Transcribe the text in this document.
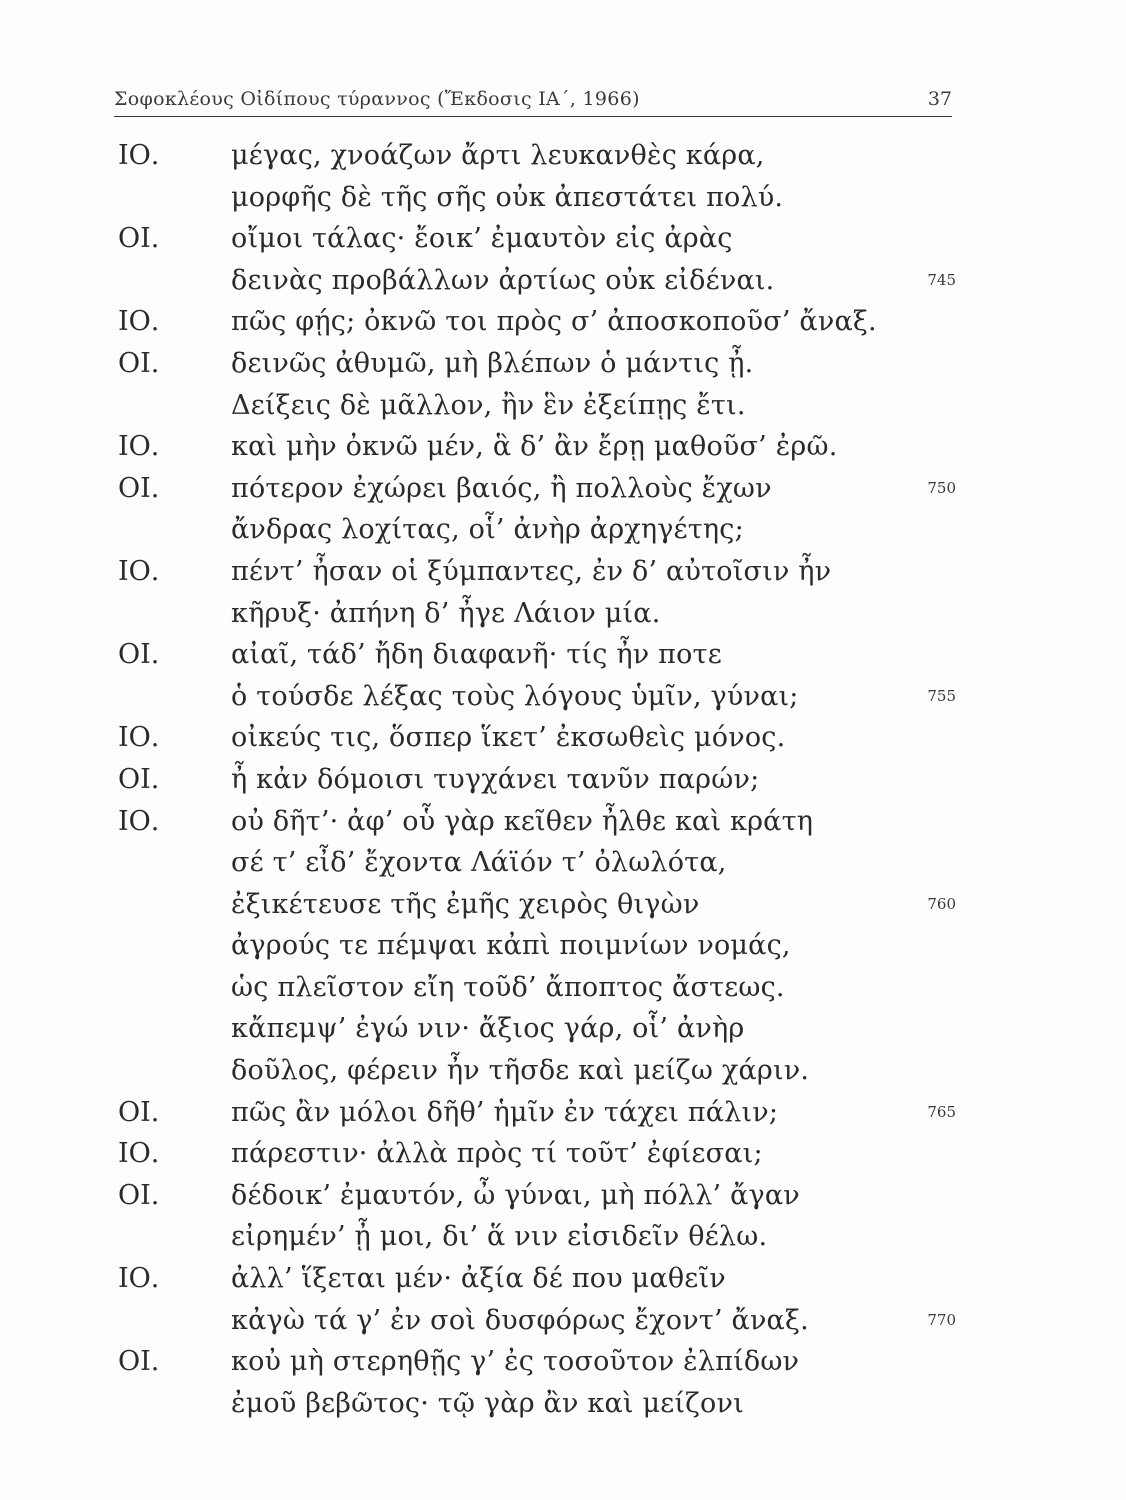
Σοφοκλέους Οἰδίπους τύραννος (Ἔκδοσις ΙΑ΄, 1966)	37
ΙΟ.	μέγας, χνοάζων ἄρτι λευκανθὲς κάρα,
μορφῆς δὲ τῆς σῆς οὐκ ἀπεστάτει πολύ.
ΟΙ.	οἴμοι τάλας· ἔοικ’ ἐμαυτὸν εἰς ἀρὰς
δεινὰς προβάλλων ἀρτίως οὐκ εἰδέναι.	745
ΙΟ.	πῶς φῄς; ὀκνῶ τοι πρὸς σ’ ἀποσκοποῦσ’ ἄναξ.
ΟΙ.	δεινῶς ἀθυμῶ, μὴ βλέπων ὁ μάντις ᾖ.
Δείξεις δὲ μᾶλλον, ἢν ἓν ἐξείπῃς ἔτι.
ΙΟ.	καὶ μὴν ὀκνῶ μέν, ἃ δ’ ἂν ἔρῃ μαθοῦσ’ ἐρῶ.
ΟΙ.	πότερον ἐχώρει βαιός, ἢ πολλοὺς ἔχων	750
ἄνδρας λοχίτας, οἷ’ ἀνὴρ ἀρχηγέτης;
ΙΟ.	πέντ’ ἦσαν οἱ ξύμπαντες, ἐν δ’ αὐτοῖσιν ἦν
κῆρυξ· ἀπήνη δ’ ἦγε Λάιον μία.
ΟΙ.	αἰαῖ, τάδ’ ἤδη διαφανῆ· τίς ἦν ποτε
ὁ τούσδε λέξας τοὺς λόγους ὑμῖν, γύναι;	755
ΙΟ.	οἰκεύς τις, ὅσπερ ἵκετ’ ἐκσωθεὶς μόνος.
ΟΙ.	ἦ κἀν δόμοισι τυγχάνει τανῦν παρών;
ΙΟ.	οὐ δῆτ’· ἀφ’ οὗ γὰρ κεῖθεν ἦλθε καὶ κράτη
σέ τ’ εἶδ’ ἔχοντα Λάϊόν τ’ ὀλωλότα,
ἐξικέτευσε τῆς ἐμῆς χειρὸς θιγὼν	760
ἀγρούς τε πέμψαι κἀπὶ ποιμνίων νομάς,
ὡς πλεῖστον εἴη τοῦδ’ ἄποπτος ἄστεως.
κἄπεμψ’ ἐγώ νιν· ἄξιος γάρ, οἷ’ ἀνὴρ
δοῦλος, φέρειν ἦν τῆσδε καὶ μείζω χάριν.
ΟΙ.	πῶς ἂν μόλοι δῆθ’ ἡμῖν ἐν τάχει πάλιν;	765
ΙΟ.	πάρεστιν· ἀλλὰ πρὸς τί τοῦτ’ ἐφίεσαι;
ΟΙ.	δέδοικ’ ἐμαυτόν, ὦ γύναι, μὴ πόλλ’ ἄγαν
εἰρημέν’ ᾖ μοι, δι’ ἅ νιν εἰσιδεῖν θέλω.
ΙΟ.	ἀλλ’ ἵξεται μέν· ἀξία δέ που μαθεῖν
κἀγὼ τά γ’ ἐν σοὶ δυσφόρως ἔχοντ’ ἄναξ.	770
ΟΙ.	κοὐ μὴ στερηθῇς γ’ ἐς τοσοῦτον ἐλπίδων
ἐμοῦ βεβῶτος· τῷ γὰρ ἂν καὶ μείζονι
